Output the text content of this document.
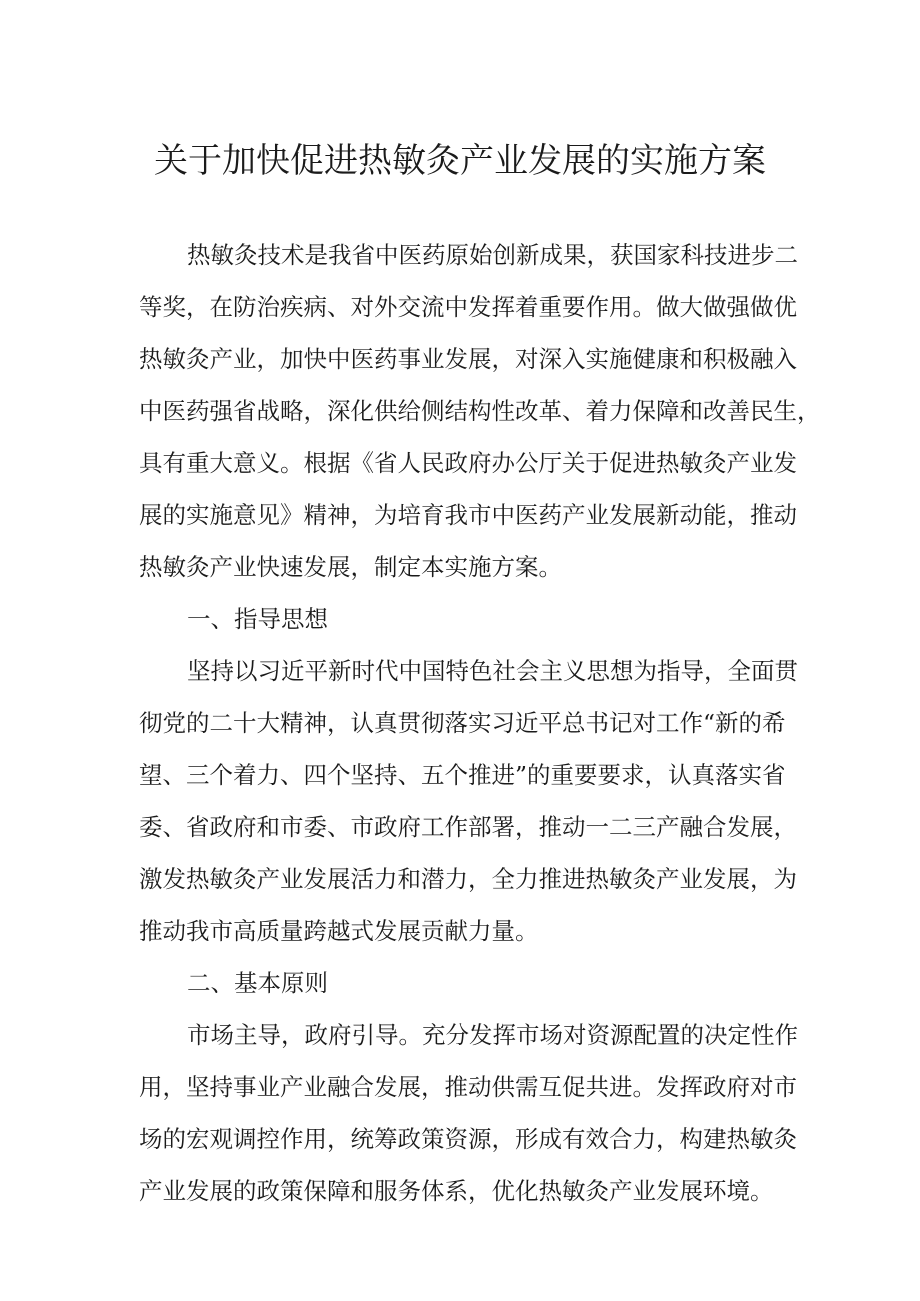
关于加快促进热敏灸产业发展的实施方案

热敏灸技术是我省中医药原始创新成果，获国家科技进步二

等奖，在防治疾病、对外交流中发挥着重要作用。做大做强做优

热敏灸产业，加快中医药事业发展，对深入实施健康和积极融入

中医药强省战略，深化供给侧结构性改革、着力保障和改善民生，

具有重大意义。根据《省人民政府办公厅关于促进热敏灸产业发

展的实施意见》精神，为培育我市中医药产业发展新动能，推动

热敏灸产业快速发展，制定本实施方案。

一、指导思想

坚持以习近平新时代中国特色社会主义思想为指导，全面贯

彻党的二十大精神，认真贯彻落实习近平总书记对工作“新的希

望、三个着力、四个坚持、五个推进”的重要要求，认真落实省

委、省政府和市委、市政府工作部署，推动一二三产融合发展，

激发热敏灸产业发展活力和潜力，全力推进热敏灸产业发展，为

推动我市高质量跨越式发展贡献力量。

二、基本原则

市场主导，政府引导。充分发挥市场对资源配置的决定性作

用，坚持事业产业融合发展，推动供需互促共进。发挥政府对市

场的宏观调控作用，统筹政策资源，形成有效合力，构建热敏灸

产业发展的政策保障和服务体系，优化热敏灸产业发展环境。
